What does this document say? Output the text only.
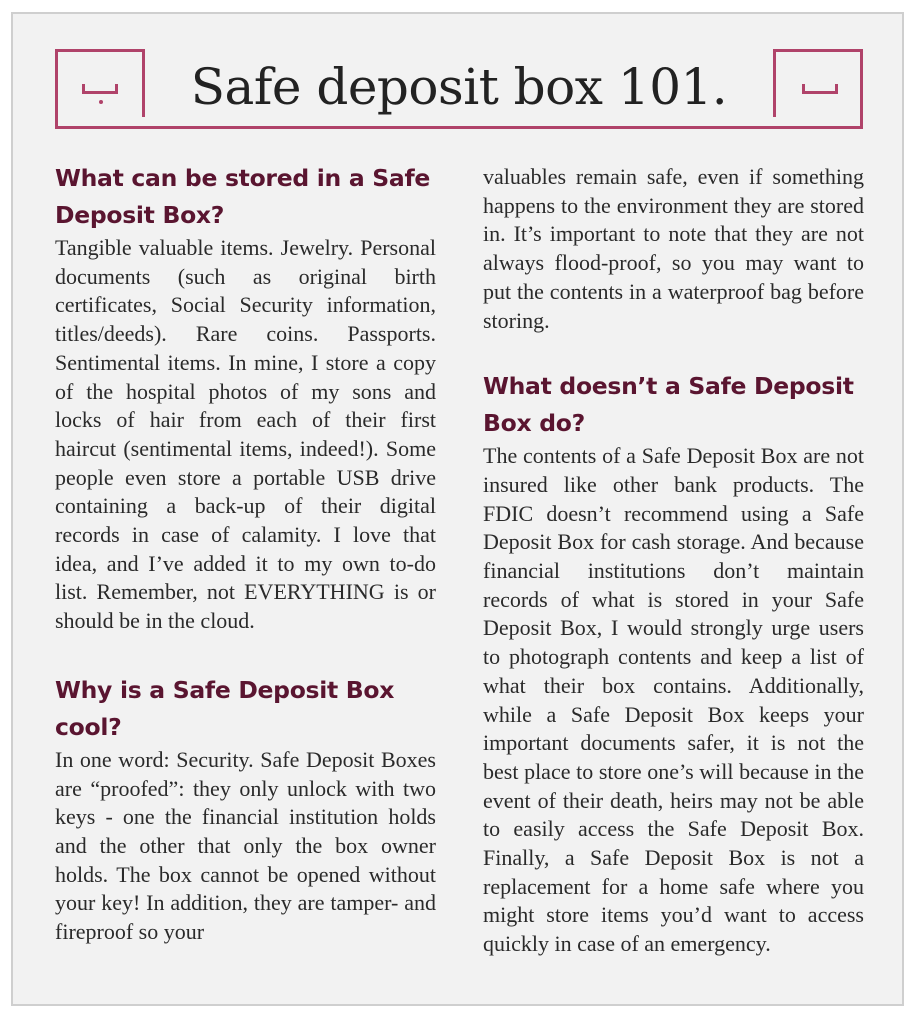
Safe deposit box 101.
What can be stored in a Safe Deposit Box?

Tangible valuable items. Jewelry. Personal documents (such as original birth certificates, Social Security information, titles/deeds). Rare coins. Passports. Sentimental items. In mine, I store a copy of the hospital photos of my sons and locks of hair from each of their first haircut (sentimental items, indeed!). Some people even store a portable USB drive containing a back-up of their digital records in case of calamity. I love that idea, and I’ve added it to my own to-do list. Remember, not EVERYTHING is or should be in the cloud.

Why is a Safe Deposit Box cool?

In one word: Security. Safe Deposit Boxes are “proofed”: they only unlock with two keys - one the financial institution holds and the other that only the box owner holds. The box cannot be opened without your key! In addition, they are tamper- and fireproof so your

valuables remain safe, even if something happens to the environment they are stored in. It’s important to note that they are not always flood-proof, so you may want to put the contents in a waterproof bag before storing.

What doesn’t a Safe Deposit Box do?

The contents of a Safe Deposit Box are not insured like other bank products. The FDIC doesn’t recommend using a Safe Deposit Box for cash storage. And because financial institutions don’t maintain records of what is stored in your Safe Deposit Box, I would strongly urge users to photograph contents and keep a list of what their box contains. Additionally, while a Safe Deposit Box keeps your important documents safer, it is not the best place to store one’s will because in the event of their death, heirs may not be able to easily access the Safe Deposit Box. Finally, a Safe Deposit Box is not a replacement for a home safe where you might store items you’d want to access quickly in case of an emergency.
